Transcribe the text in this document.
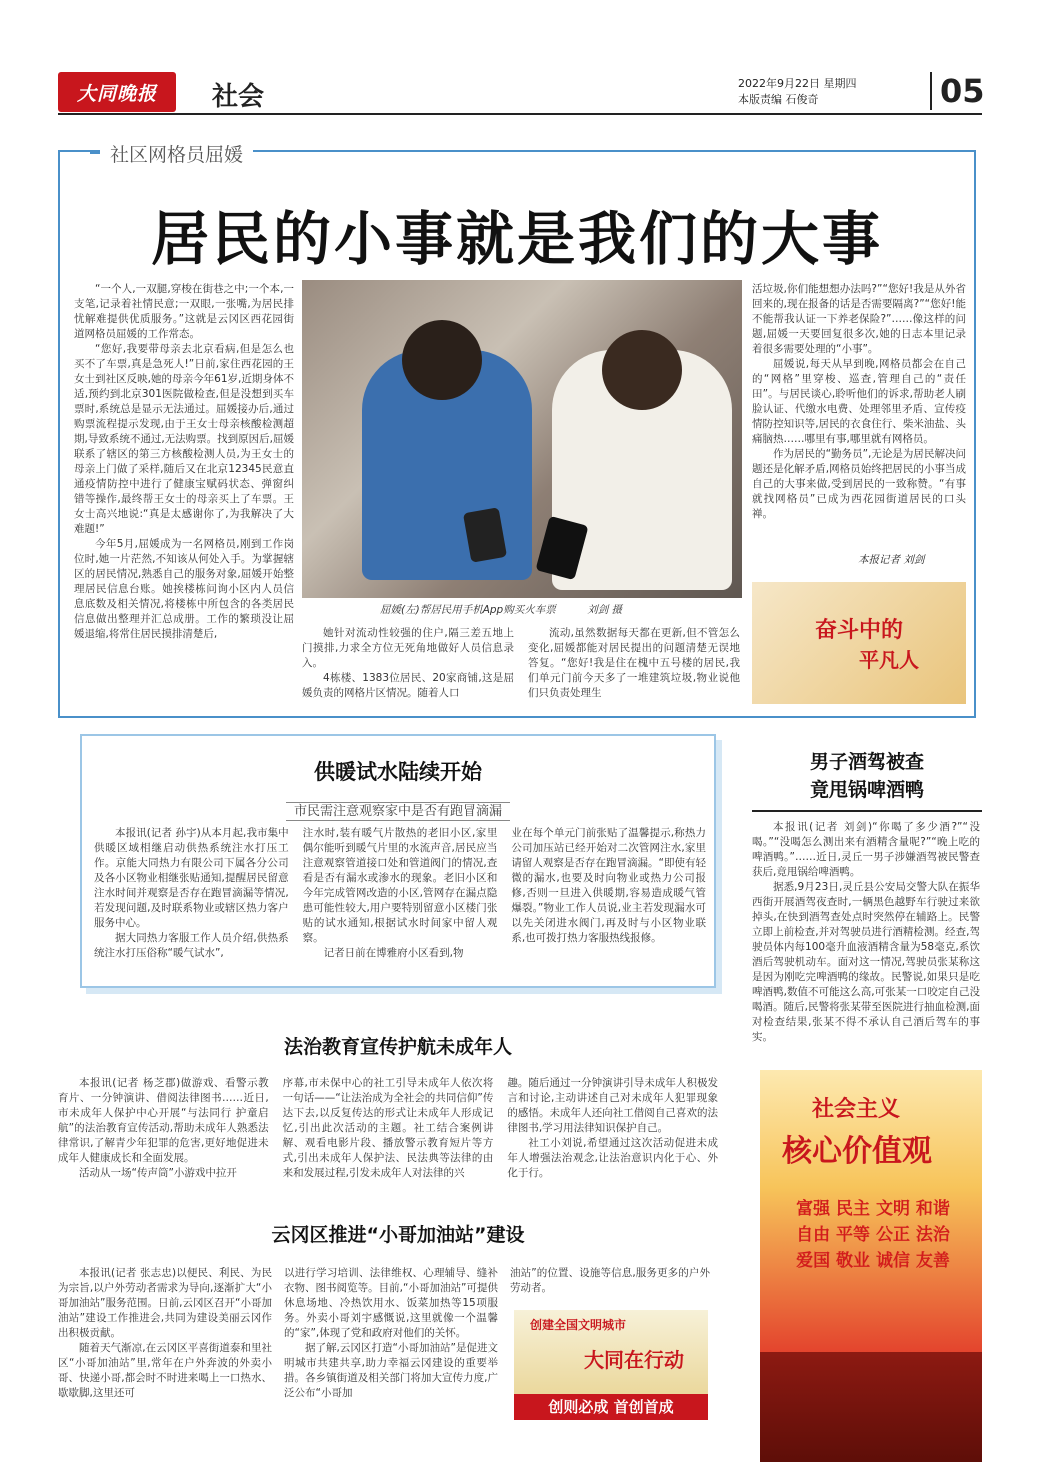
大同晚报	社会	2022年9月22日 星期四
本版责编 石俊奇	05
社区网格员屈媛
居民的小事就是我们的大事

“一个人,一双腿,穿梭在街巷之中;一个本,一支笔,记录着社情民意;一双眼,一张嘴,为居民排忧解难提供优质服务。”这就是云冈区西花园街道网格员屈媛的工作常态。

“您好,我要带母亲去北京看病,但是怎么也买不了车票,真是急死人!”日前,家住西花园的王女士到社区反映,她的母亲今年61岁,近期身体不适,预约到北京301医院做检查,但是没想到买车票时,系统总是显示无法通过。屈媛接办后,通过购票流程提示发现,由于王女士母亲核酸检测超期,导致系统不通过,无法购票。找到原因后,屈媛联系了辖区的第三方核酸检测人员,为王女士的母亲上门做了采样,随后又在北京12345民意直通疫情防控中进行了健康宝赋码状态、弹窗纠错等操作,最终帮王女士的母亲买上了车票。王女士高兴地说:“真是太感谢你了,为我解决了大难题!”

今年5月,屈媛成为一名网格员,刚到工作岗位时,她一片茫然,不知该从何处入手。为掌握辖区的居民情况,熟悉自己的服务对象,屈媛开始整理居民信息台账。她挨楼栋问询小区内人员信息底数及相关情况,将楼栋中所包含的各类居民信息做出整理并汇总成册。工作的繁琐没让屈媛退缩,将常住居民摸排清楚后,

屈媛(左)帮居民用手机App购买火车票　　　刘剑 摄

她针对流动性较强的住户,隔三差五地上门摸排,力求全方位无死角地做好人员信息录入。

4栋楼、1383位居民、20家商铺,这是屈媛负责的网格片区情况。随着人口

流动,虽然数据每天都在更新,但不管怎么变化,屈媛都能对居民提出的问题清楚无误地答复。“您好!我是住在槐中五号楼的居民,我们单元门前今天多了一堆建筑垃圾,物业说他们只负责处理生

活垃圾,你们能想想办法吗?”“您好!我是从外省回来的,现在报备的话是否需要隔离?”“您好!能不能帮我认证一下养老保险?”……像这样的问题,屈媛一天要回复很多次,她的日志本里记录着很多需要处理的“小事”。

屈媛说,每天从早到晚,网格员都会在自己的“网格”里穿梭、巡查,管理自己的“责任田”。与居民谈心,聆听他们的诉求,帮助老人刷脸认证、代缴水电费、处理邻里矛盾、宣传疫情防控知识等,居民的衣食住行、柴米油盐、头痛脑热……哪里有事,哪里就有网格员。

作为居民的“勤务员”,无论是为居民解决问题还是化解矛盾,网格员始终把居民的小事当成自己的大事来做,受到居民的一致称赞。“有事就找网格员”已成为西花园街道居民的口头禅。

本报记者 刘剑
奋斗中的
平凡人
供暖试水陆续开始
市民需注意观察家中是否有跑冒滴漏

本报讯(记者 孙宇)从本月起,我市集中供暖区域相继启动供热系统注水打压工作。京能大同热力有限公司下属各分公司及各小区物业相继张贴通知,提醒居民留意注水时间并观察是否存在跑冒滴漏等情况,若发现问题,及时联系物业或辖区热力客户服务中心。

据大同热力客服工作人员介绍,供热系统注水打压俗称“暖气试水”,

注水时,装有暖气片散热的老旧小区,家里偶尔能听到暖气片里的水流声音,居民应当注意观察管道接口处和管道阀门的情况,查看是否有漏水或渗水的现象。老旧小区和今年完成管网改造的小区,管网存在漏点隐患可能性较大,用户要特别留意小区楼门张贴的试水通知,根据试水时间家中留人观察。

记者日前在博雅府小区看到,物

业在每个单元门前张贴了温馨提示,称热力公司加压站已经开始对二次管网注水,家里请留人观察是否存在跑冒滴漏。“即使有轻微的漏水,也要及时向物业或热力公司报修,否则一旦进入供暖期,容易造成暖气管爆裂。”物业工作人员说,业主若发现漏水可以先关闭进水阀门,再及时与小区物业联系,也可拨打热力客服热线报修。

男子酒驾被查
竟甩锅啤酒鸭

本报讯(记者 刘剑)“你喝了多少酒?”“没喝。”“没喝怎么测出来有酒精含量呢?”“晚上吃的啤酒鸭。”……近日,灵丘一男子涉嫌酒驾被民警查获后,竟甩锅给啤酒鸭。

据悉,9月23日,灵丘县公安局交警大队在振华西街开展酒驾夜查时,一辆黑色越野车行驶过来欲掉头,在快到酒驾查处点时突然停在辅路上。民警立即上前检查,并对驾驶员进行酒精检测。经查,驾驶员体内每100毫升血液酒精含量为58毫克,系饮酒后驾驶机动车。面对这一情况,驾驶员张某称这是因为刚吃完啤酒鸭的缘故。民警说,如果只是吃啤酒鸭,数值不可能这么高,可张某一口咬定自己没喝酒。随后,民警将张某带至医院进行抽血检测,面对检查结果,张某不得不承认自己酒后驾车的事实。

法治教育宣传护航未成年人

本报讯(记者 杨芝郡)做游戏、看警示教育片、一分钟演讲、借阅法律图书……近日,市未成年人保护中心开展“与法同行 护童启航”的法治教育宣传活动,帮助未成年人熟悉法律常识,了解青少年犯罪的危害,更好地促进未成年人健康成长和全面发展。

活动从一场“传声筒”小游戏中拉开

序幕,市未保中心的社工引导未成年人依次将一句话——“让法治成为全社会的共同信仰”传达下去,以反复传达的形式让未成年人形成记忆,引出此次活动的主题。社工结合案例讲解、观看电影片段、播放警示教育短片等方式,引出未成年人保护法、民法典等法律的由来和发展过程,引发未成年人对法律的兴

趣。随后通过一分钟演讲引导未成年人积极发言和讨论,主动讲述自己对未成年人犯罪现象的感悟。未成年人还向社工借阅自己喜欢的法律图书,学习用法律知识保护自己。

社工小刘说,希望通过这次活动促进未成年人增强法治观念,让法治意识内化于心、外化于行。

云冈区推进“小哥加油站”建设

本报讯(记者 张志忠)以便民、利民、为民为宗旨,以户外劳动者需求为导向,逐渐扩大“小哥加油站”服务范围。日前,云冈区召开“小哥加油站”建设工作推进会,共同为建设美丽云冈作出积极贡献。

随着天气渐凉,在云冈区平喜街道泰和里社区“小哥加油站”里,常年在户外奔波的外卖小哥、快递小哥,都会时不时进来喝上一口热水、歇歇脚,这里还可

以进行学习培训、法律维权、心理辅导、缝补衣物、图书阅览等。目前,“小哥加油站”可提供休息场地、冷热饮用水、饭菜加热等15项服务。外卖小哥刘宇感慨说,这里就像一个温馨的“家”,体现了党和政府对他们的关怀。

据了解,云冈区打造“小哥加油站”是促进文明城市共建共享,助力幸福云冈建设的重要举措。各乡镇街道及相关部门将加大宣传力度,广泛公布“小哥加

油站”的位置、设施等信息,服务更多的户外劳动者。

创建全国文明城市
大同在行动
创则必成 首创首成
社会主义
核心价值观
富强 民主 文明 和谐
自由 平等 公正 法治
爱国 敬业 诚信 友善
